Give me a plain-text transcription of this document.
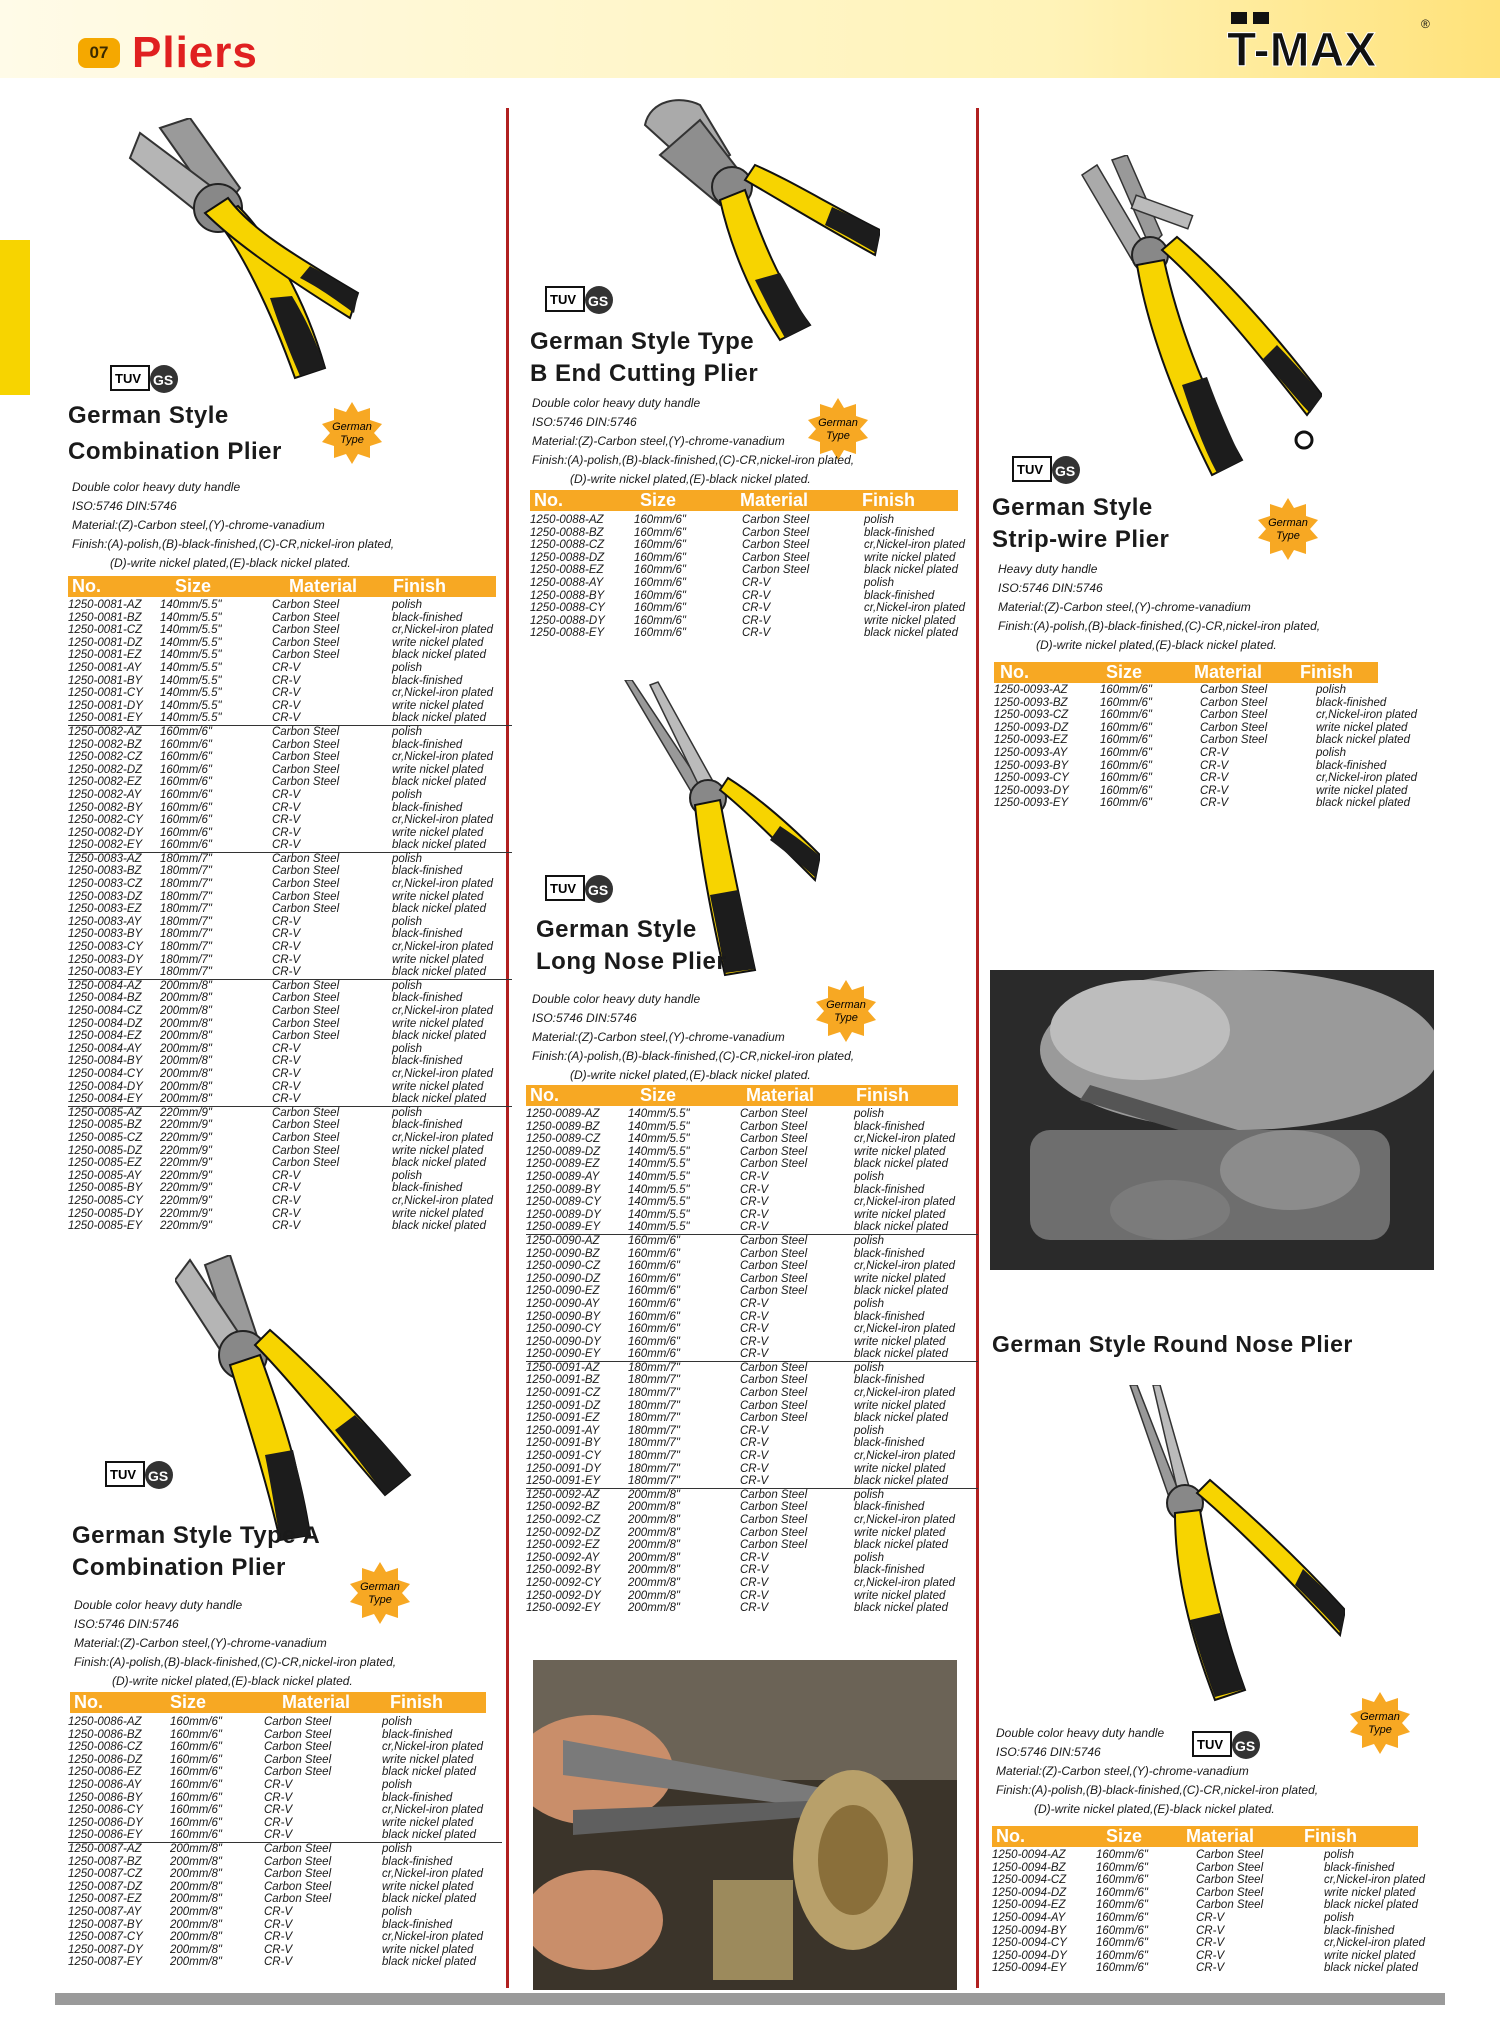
07 Pliers	T-MAX	®
TUV GS
German Style
Combination Plier
German
Type
Double color heavy duty handle
ISO:5746 DIN:5746
Material:(Z)-Carbon steel,(Y)-chrome-vanadium
Finish:(A)-polish,(B)-black-finished,(C)-CR,nickel-iron plated,
(D)-write nickel plated,(E)-black nickel plated.
No.	Size	Material	Finish
1250-0081-AZ	140mm/5.5"	Carbon Steel	polish
1250-0081-BZ	140mm/5.5"	Carbon Steel	black-finished
1250-0081-CZ	140mm/5.5"	Carbon Steel	cr,Nickel-iron plated
1250-0081-DZ	140mm/5.5"	Carbon Steel	write nickel plated
1250-0081-EZ	140mm/5.5"	Carbon Steel	black nickel plated
1250-0081-AY	140mm/5.5"	CR-V	polish
1250-0081-BY	140mm/5.5"	CR-V	black-finished
1250-0081-CY	140mm/5.5"	CR-V	cr,Nickel-iron plated
1250-0081-DY	140mm/5.5"	CR-V	write nickel plated
1250-0081-EY	140mm/5.5"	CR-V	black nickel plated
1250-0082-AZ	160mm/6"	Carbon Steel	polish
1250-0082-BZ	160mm/6"	Carbon Steel	black-finished
1250-0082-CZ	160mm/6"	Carbon Steel	cr,Nickel-iron plated
1250-0082-DZ	160mm/6"	Carbon Steel	write nickel plated
1250-0082-EZ	160mm/6"	Carbon Steel	black nickel plated
1250-0082-AY	160mm/6"	CR-V	polish
1250-0082-BY	160mm/6"	CR-V	black-finished
1250-0082-CY	160mm/6"	CR-V	cr,Nickel-iron plated
1250-0082-DY	160mm/6"	CR-V	write nickel plated
1250-0082-EY	160mm/6"	CR-V	black nickel plated
1250-0083-AZ	180mm/7"	Carbon Steel	polish
1250-0083-BZ	180mm/7"	Carbon Steel	black-finished
1250-0083-CZ	180mm/7"	Carbon Steel	cr,Nickel-iron plated
1250-0083-DZ	180mm/7"	Carbon Steel	write nickel plated
1250-0083-EZ	180mm/7"	Carbon Steel	black nickel plated
1250-0083-AY	180mm/7"	CR-V	polish
1250-0083-BY	180mm/7"	CR-V	black-finished
1250-0083-CY	180mm/7"	CR-V	cr,Nickel-iron plated
1250-0083-DY	180mm/7"	CR-V	write nickel plated
1250-0083-EY	180mm/7"	CR-V	black nickel plated
1250-0084-AZ	200mm/8"	Carbon Steel	polish
1250-0084-BZ	200mm/8"	Carbon Steel	black-finished
1250-0084-CZ	200mm/8"	Carbon Steel	cr,Nickel-iron plated
1250-0084-DZ	200mm/8"	Carbon Steel	write nickel plated
1250-0084-EZ	200mm/8"	Carbon Steel	black nickel plated
1250-0084-AY	200mm/8"	CR-V	polish
1250-0084-BY	200mm/8"	CR-V	black-finished
1250-0084-CY	200mm/8"	CR-V	cr,Nickel-iron plated
1250-0084-DY	200mm/8"	CR-V	write nickel plated
1250-0084-EY	200mm/8"	CR-V	black nickel plated
1250-0085-AZ	220mm/9"	Carbon Steel	polish
1250-0085-BZ	220mm/9"	Carbon Steel	black-finished
1250-0085-CZ	220mm/9"	Carbon Steel	cr,Nickel-iron plated
1250-0085-DZ	220mm/9"	Carbon Steel	write nickel plated
1250-0085-EZ	220mm/9"	Carbon Steel	black nickel plated
1250-0085-AY	220mm/9"	CR-V	polish
1250-0085-BY	220mm/9"	CR-V	black-finished
1250-0085-CY	220mm/9"	CR-V	cr,Nickel-iron plated
1250-0085-DY	220mm/9"	CR-V	write nickel plated
1250-0085-EY	220mm/9"	CR-V	black nickel plated
TUV GS
German Style Type A
Combination Plier
German
Type
Double color heavy duty handle
ISO:5746 DIN:5746
Material:(Z)-Carbon steel,(Y)-chrome-vanadium
Finish:(A)-polish,(B)-black-finished,(C)-CR,nickel-iron plated,
(D)-write nickel plated,(E)-black nickel plated.
No.	Size	Material	Finish
1250-0086-AZ	160mm/6"	Carbon Steel	polish
1250-0086-BZ	160mm/6"	Carbon Steel	black-finished
1250-0086-CZ	160mm/6"	Carbon Steel	cr,Nickel-iron plated
1250-0086-DZ	160mm/6"	Carbon Steel	write nickel plated
1250-0086-EZ	160mm/6"	Carbon Steel	black nickel plated
1250-0086-AY	160mm/6"	CR-V	polish
1250-0086-BY	160mm/6"	CR-V	black-finished
1250-0086-CY	160mm/6"	CR-V	cr,Nickel-iron plated
1250-0086-DY	160mm/6"	CR-V	write nickel plated
1250-0086-EY	160mm/6"	CR-V	black nickel plated
1250-0087-AZ	200mm/8"	Carbon Steel	polish
1250-0087-BZ	200mm/8"	Carbon Steel	black-finished
1250-0087-CZ	200mm/8"	Carbon Steel	cr,Nickel-iron plated
1250-0087-DZ	200mm/8"	Carbon Steel	write nickel plated
1250-0087-EZ	200mm/8"	Carbon Steel	black nickel plated
1250-0087-AY	200mm/8"	CR-V	polish
1250-0087-BY	200mm/8"	CR-V	black-finished
1250-0087-CY	200mm/8"	CR-V	cr,Nickel-iron plated
1250-0087-DY	200mm/8"	CR-V	write nickel plated
1250-0087-EY	200mm/8"	CR-V	black nickel plated
TUV GS
German Style Type
B End Cutting Plier
German
Type
Double color heavy duty handle
ISO:5746 DIN:5746
Material:(Z)-Carbon steel,(Y)-chrome-vanadium
Finish:(A)-polish,(B)-black-finished,(C)-CR,nickel-iron plated,
(D)-write nickel plated,(E)-black nickel plated.
No.	Size	Material	Finish
1250-0088-AZ	160mm/6"	Carbon Steel	polish
1250-0088-BZ	160mm/6"	Carbon Steel	black-finished
1250-0088-CZ	160mm/6"	Carbon Steel	cr,Nickel-iron plated
1250-0088-DZ	160mm/6"	Carbon Steel	write nickel plated
1250-0088-EZ	160mm/6"	Carbon Steel	black nickel plated
1250-0088-AY	160mm/6"	CR-V	polish
1250-0088-BY	160mm/6"	CR-V	black-finished
1250-0088-CY	160mm/6"	CR-V	cr,Nickel-iron plated
1250-0088-DY	160mm/6"	CR-V	write nickel plated
1250-0088-EY	160mm/6"	CR-V	black nickel plated
TUV GS
German Style
Long Nose Plier
German
Type
Double color heavy duty handle
ISO:5746 DIN:5746
Material:(Z)-Carbon steel,(Y)-chrome-vanadium
Finish:(A)-polish,(B)-black-finished,(C)-CR,nickel-iron plated,
(D)-write nickel plated,(E)-black nickel plated.
No.	Size	Material	Finish
1250-0089-AZ	140mm/5.5"	Carbon Steel	polish
1250-0089-BZ	140mm/5.5"	Carbon Steel	black-finished
1250-0089-CZ	140mm/5.5"	Carbon Steel	cr,Nickel-iron plated
1250-0089-DZ	140mm/5.5"	Carbon Steel	write nickel plated
1250-0089-EZ	140mm/5.5"	Carbon Steel	black nickel plated
1250-0089-AY	140mm/5.5"	CR-V	polish
1250-0089-BY	140mm/5.5"	CR-V	black-finished
1250-0089-CY	140mm/5.5"	CR-V	cr,Nickel-iron plated
1250-0089-DY	140mm/5.5"	CR-V	write nickel plated
1250-0089-EY	140mm/5.5"	CR-V	black nickel plated
1250-0090-AZ	160mm/6"	Carbon Steel	polish
1250-0090-BZ	160mm/6"	Carbon Steel	black-finished
1250-0090-CZ	160mm/6"	Carbon Steel	cr,Nickel-iron plated
1250-0090-DZ	160mm/6"	Carbon Steel	write nickel plated
1250-0090-EZ	160mm/6"	Carbon Steel	black nickel plated
1250-0090-AY	160mm/6"	CR-V	polish
1250-0090-BY	160mm/6"	CR-V	black-finished
1250-0090-CY	160mm/6"	CR-V	cr,Nickel-iron plated
1250-0090-DY	160mm/6"	CR-V	write nickel plated
1250-0090-EY	160mm/6"	CR-V	black nickel plated
1250-0091-AZ	180mm/7"	Carbon Steel	polish
1250-0091-BZ	180mm/7"	Carbon Steel	black-finished
1250-0091-CZ	180mm/7"	Carbon Steel	cr,Nickel-iron plated
1250-0091-DZ	180mm/7"	Carbon Steel	write nickel plated
1250-0091-EZ	180mm/7"	Carbon Steel	black nickel plated
1250-0091-AY	180mm/7"	CR-V	polish
1250-0091-BY	180mm/7"	CR-V	black-finished
1250-0091-CY	180mm/7"	CR-V	cr,Nickel-iron plated
1250-0091-DY	180mm/7"	CR-V	write nickel plated
1250-0091-EY	180mm/7"	CR-V	black nickel plated
1250-0092-AZ	200mm/8"	Carbon Steel	polish
1250-0092-BZ	200mm/8"	Carbon Steel	black-finished
1250-0092-CZ	200mm/8"	Carbon Steel	cr,Nickel-iron plated
1250-0092-DZ	200mm/8"	Carbon Steel	write nickel plated
1250-0092-EZ	200mm/8"	Carbon Steel	black nickel plated
1250-0092-AY	200mm/8"	CR-V	polish
1250-0092-BY	200mm/8"	CR-V	black-finished
1250-0092-CY	200mm/8"	CR-V	cr,Nickel-iron plated
1250-0092-DY	200mm/8"	CR-V	write nickel plated
1250-0092-EY	200mm/8"	CR-V	black nickel plated
TUV GS
German Style
Strip-wire Plier
German
Type
Heavy duty handle
ISO:5746 DIN:5746
Material:(Z)-Carbon steel,(Y)-chrome-vanadium
Finish:(A)-polish,(B)-black-finished,(C)-CR,nickel-iron plated,
(D)-write nickel plated,(E)-black nickel plated.
No.	Size	Material	Finish
1250-0093-AZ	160mm/6"	Carbon Steel	polish
1250-0093-BZ	160mm/6"	Carbon Steel	black-finished
1250-0093-CZ	160mm/6"	Carbon Steel	cr,Nickel-iron plated
1250-0093-DZ	160mm/6"	Carbon Steel	write nickel plated
1250-0093-EZ	160mm/6"	Carbon Steel	black nickel plated
1250-0093-AY	160mm/6"	CR-V	polish
1250-0093-BY	160mm/6"	CR-V	black-finished
1250-0093-CY	160mm/6"	CR-V	cr,Nickel-iron plated
1250-0093-DY	160mm/6"	CR-V	write nickel plated
1250-0093-EY	160mm/6"	CR-V	black nickel plated
German Style Round Nose Plier
German
Type
TUV GS
Double color heavy duty handle
ISO:5746 DIN:5746
Material:(Z)-Carbon steel,(Y)-chrome-vanadium
Finish:(A)-polish,(B)-black-finished,(C)-CR,nickel-iron plated,
(D)-write nickel plated,(E)-black nickel plated.
No.	Size	Material	Finish
1250-0094-AZ	160mm/6"	Carbon Steel	polish
1250-0094-BZ	160mm/6"	Carbon Steel	black-finished
1250-0094-CZ	160mm/6"	Carbon Steel	cr,Nickel-iron plated
1250-0094-DZ	160mm/6"	Carbon Steel	write nickel plated
1250-0094-EZ	160mm/6"	Carbon Steel	black nickel plated
1250-0094-AY	160mm/6"	CR-V	polish
1250-0094-BY	160mm/6"	CR-V	black-finished
1250-0094-CY	160mm/6"	CR-V	cr,Nickel-iron plated
1250-0094-DY	160mm/6"	CR-V	write nickel plated
1250-0094-EY	160mm/6"	CR-V	black nickel plated
